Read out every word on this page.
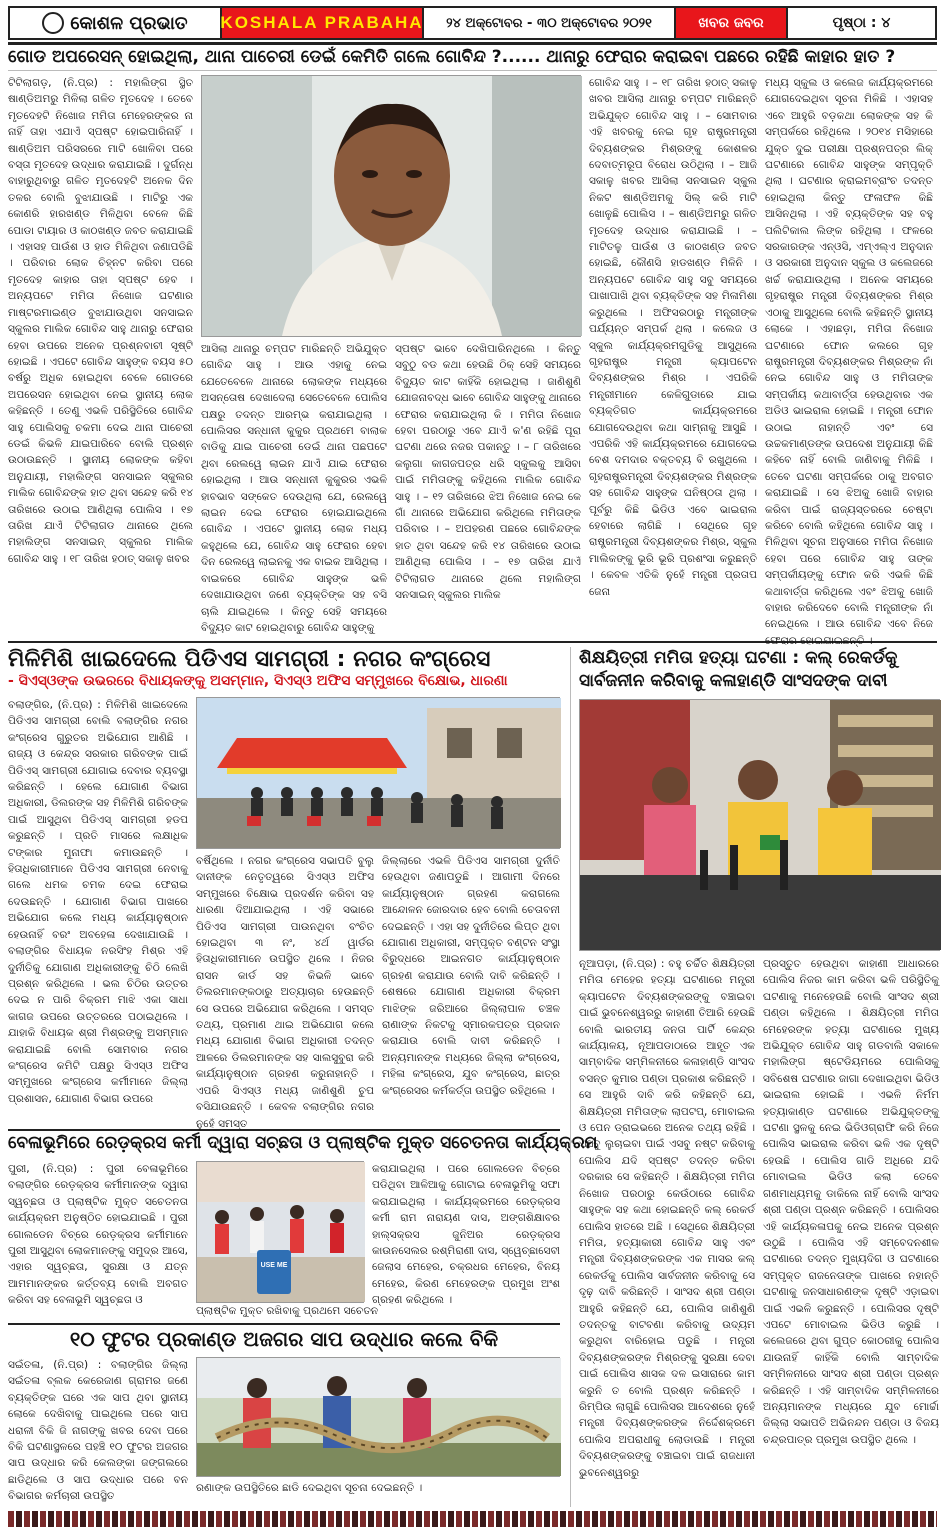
କୋଶଳ ପ୍ରଭାତ KOSHALA PRABAHA	୨୪ ଅକ୍ଟୋବର - ୩୦ ଅକ୍ଟୋବର ୨୦୨୧	ଖବର ଜବର	ପୃଷ୍ଠା : ୪
ଗୋଡ ଅପରେସନ୍ ହୋଇଥିଲା, ଥାନା ପାଚେରୀ ଡେଇଁ କେମିତି ଗଲେ ଗୋବିନ୍ଦ ?...... ଥାନାରୁ ଫେରାର କରାଇବା ପଛରେ ରହିଛି କାହାର ହାତ ?
ଟିଟିଲାଗଡ଼, (ନି.ପ୍ର) : ମହାଲିଙ୍ଗ ସ୍ଥିତ ଷାଣ୍ଡିଅମରୁ ମିଳିଲା ଗଳିତ ମୃତଦେହ । ତେବେ ମୃତଦେହଟି ନିଖୋଜ ମମିତା ମେହେରଙ୍କର ନା ନାହିଁ ତାହା ଏଯାଏଁ ସ୍ପଷ୍ଟ ହୋଇପାରିନାହିଁ । ଷାଣ୍ଡିଅମ ପରିସରରେ ମାଟି ଖୋଳିବା ପରେ ବସ୍ତା ମୃତଦେହ ଉଦ୍ଧାର କରାଯାଇଛି । ଦୁର୍ଗନ୍ଧ ବାହାରୁଥିବାରୁ ଗଳିତ ମୃତଦେହଟି ଅନେକ ଦିନ ତଳର ବୋଲି ବୁଝାଯାଉଛି । ମାଟିରୁ ଏକ କୋଣରି ହାରଖଣ୍ଡ ମିଳିଥିବା ବେଳେ କିଛି ପୋଡା ଟାୟାର ଓ କାଠଖଣ୍ଡ ଜବତ କରାଯାଇଛି । ଏହାସହ ପାଉଁଶ ଓ ହାଡ ମିଳିଥିବା ଜଣାପଡିଛି । ପରିବାର ଲୋକ ଚିହ୍ନଟ କରିବା ପରେ ମୃତଦେହ କାହାର ତାହା ସ୍ପଷ୍ଟ ହେବ । ଅନ୍ୟପଟେ ମମିତା ନିଖୋଜ ଘଟଣାର ମାଷ୍ଟରମାଇଣ୍ଡ ବୁଝାଯାଉଥିବା ସନସାଇନ ସ୍କୁଲର ମାଲିକ ଗୋବିନ୍ଦ ସାହୁ ଥାନାରୁ ଫେରାର ହେବା ଉପରେ ଅନେକ ପ୍ରଶ୍ନବାଚୀ ସୃଷ୍ଟି ହୋଇଛି । ଏପଟେ ଗୋବିନ୍ଦ ସାହୁଙ୍କ ବୟସ ୫୦ ବର୍ଷରୁ ଅଧିକ ହୋଇଥିବା ବେଳେ ଗୋଡରେ ଅପରେସନ ହୋଇଥିବା ନେଇ ସ୍ଥାନୀୟ ଲୋକ କହିଛନ୍ତି । ତେଣୁ ଏଭଳି ପରିସ୍ଥିତିରେ ଗୋବିନ୍ଦ ସାହୁ ପୋଲିସକୁ ଚକମା ଦେଇ ଥାନା ପାଚେରୀ ଡେଇଁ କିଭଳି ଯାଇପାରିବେ ବୋଲି ପ୍ରଶ୍ନ ଉଠାଉଛନ୍ତି । ସ୍ଥାନୀୟ ଲୋକଙ୍କ କହିବା ଅନୁଯାୟୀ, ମହାଲିଙ୍ଗ ସନସାଇନ ସ୍କୁଲର ମାଲିକ ଗୋବିନ୍ଦଙ୍କ ହାତ ଥିବା ସନ୍ଦେହ କରି ୧୪ ତାରିଖରେ ଉଠାଇ ଆଣିଥିଲା ପୋଲିସ । ୧୭ ତାରିଖ ଯାଏଁ ଟିଟିଲାଗଡ ଥାନାରେ ଥିଲେ ମହାଲିଙ୍ଗ ସନସାଇନ୍ ସ୍କୁଲର ମାଲିକ ଗୋବିନ୍ଦ ସାହୁ । ୧୮ ତାରିଖ ହଠାତ୍ ସକାଳୁ ଖବର
ଆସିଲା ଥାନାରୁ ଚମ୍ପଟ ମାରିଛନ୍ତି ଅଭିଯୁକ୍ତ ଗୋବିନ୍ଦ ସାହୁ । ଆଉ ଏହାକୁ ନେଇ ଯେତେବେଳେ ଥାନାରେ ଲୋକଙ୍କ ମଧ୍ୟରେ ଅସନ୍ତୋଷ ଦେଖାଦେଲା ସେତେବେଳେ ପୋଲିସ ପକ୍ଷରୁ ତଦନ୍ତ ଆରମ୍ଭ କରାଯାଇଥିଲା । ପୋଲିସର ସନ୍ଧାନୀ କୁକୁର ପ୍ରଥମେ ବାଲାକ ବାଡିକୁ ଯାଇ ପାଚେରୀ ଡେଇଁ ଥାନା ପଛପଟେ ଥିବା ରେଲୱେ ଲାଇନ ଯାଏଁ ଯାଇ ଫେରାର ହୋଇଥିଲା । ଆଉ ସନ୍ଧାନୀ କୁକୁରର ଏଭଳି ହାବଭାବ ସଙ୍କେତ ଦେଉଥିଲା ଯେ, ରେଲୱେ ଲାଇନ ଦେଇ ଫେରାର ହୋଇଯାଇଥିଲେ ଗୋବିନ୍ଦ । ଏପଟେ ସ୍ଥାନୀୟ ଲୋକ ମଧ୍ୟ କହୁଥିଲେ ଯେ, ଗୋବିନ୍ଦ ସାହୁ ଫେରାର ହେବା ଦିନ ରେଲୱେ ଲାଇନକୁ ଏକ ବାଇକ ଆସିଥିଲା । ବାଇକରେ ଗୋବିନ୍ଦ ସାହୁଙ୍କ ଭଳି ଦେଖାଯାଉଥିବା ଜଣେ ବ୍ୟକ୍ତିଙ୍କ ସହ ବସି ଚାଲି ଯାଇଥିଲେ । କିନ୍ତୁ ସେହି ସମୟରେ ବିଦ୍ୟୁତ କାଟ ହୋଇଥିବାରୁ ଗୋବିନ୍ଦ ସାହୁଙ୍କୁ
ସ୍ପଷ୍ଟ ଭାବେ ଦେଖିପାରିନଥିଲେ । କିନ୍ତୁ ସବୁଠୁ ବଡ କଥା ହେଉଛି ଠିକ୍ ସେହି ସମୟରେ ବିଦ୍ୟୁତ କାଟ କାହିଁକି ହୋଇଥିଲା । ଜାଣିଶୁଣି ଯୋଜନାବଦ୍ଧ ଭାବେ ଗୋବିନ୍ଦ ସାହୁଙ୍କୁ ଥାନାରେ ଫେରାର କରାଯାଇଥିଲା କି । ମମିତା ନିଖୋଜ ହେବା ପରଠାରୁ ଏବେ ଯାଏଁ କ'ଣ ରହିଛି ପୂରା ଘଟଣା ଥରେ ନଜର ପକାନ୍ତୁ । – ୮ ତାରିଖରେ କଲୁଗା କାଗଜପତ୍ର ଧରି ସ୍କୁଲକୁ ଆସିବା ପାଇଁ ମମିତାଙ୍କୁ କହିଥିଲେ ମାଲିକ ଗୋବିନ୍ଦ ସାହୁ । – ୧୨ ତାରିଖରେ ଝିଅ ନିଖୋଜ ନେଇ କେ ଗାଁ ଥାନାରେ ଅଭିଯୋଗ କରିଥିଲେ ମମିତାଙ୍କ ପରିବାର । – ଅପହରଣ ପଛରେ ଗୋବିନ୍ଦଙ୍କ ହାତ ଥିବା ସନ୍ଦେହ କରି ୧୪ ତାରିଖରେ ଉଠାଇ ଆଣିଥିଲା ପୋଲିସ । – ୧୭ ତାରିଖ ଯାଏଁ ଟିଟିଲାଗଡ ଥାନାରେ ଥିଲେ ମହାଲିଙ୍ଗ ସନସାଇନ୍ ସ୍କୁଲର ମାଲିକ
ଗୋବିନ୍ଦ ସାହୁ । – ୧୮ ତାରିଖ ହଠାତ୍ ସକାଳୁ ଖବର ଆସିଲା ଥାନାରୁ ଚମ୍ପଟ ମାରିଛନ୍ତି ଅଭିଯୁକ୍ତ ଗୋବିନ୍ଦ ସାହୁ । – ସୋମବାର ଏହି ଖବରକୁ ନେଇ ଗୃହ ରାଷ୍ଟ୍ରମନ୍ତ୍ରୀ ଦିବ୍ୟଶଙ୍କର ମିଶ୍ରଙ୍କୁ କୋଶଳର ଦେବାତ୍ମରୂପ ବିରୋଧ ଉଠିଥିଲା । – ଆଜି ସକାଳୁ ଖବର ଆସିଲା ସନସାଇନ ସ୍କୁଲ ନିକଟ ଷାଣ୍ଡିଅମକୁ ସିଲ୍ କରି ମାଟି ଖୋଳୁଛି ପୋଲିସ । – ଷାଣ୍ଡିଅମରୁ ଗଳିତ ମୃତଦେହ ଉଦ୍ଧାର କରାଯାଇଛି । – ମାଟିତଳୁ ପାଉଁଶ ଓ କାଠଖଣ୍ଡ ଜବତ ହୋଇଛି, କୌଣସି ହାଡଖଣ୍ଡ ମିଳିନି । ଅନ୍ୟପଟେ ଗୋବିନ୍ଦ ସାହୁ ସବୁ ସମୟରେ ପାଖାପାଖି ଥିବା ବ୍ୟକ୍ତିଙ୍କ ସହ ମିଳାମିଶା କରୁଥିଲେ । ଅଫିସରଠାରୁ ମନ୍ତ୍ରୀଙ୍କ ପର୍ଯ୍ୟନ୍ତ ସମ୍ପର୍କ ଥିଲା । କଲେଜ ଓ ସ୍କୁଲ କାର୍ଯ୍ୟକ୍ରମଗୁଡିକୁ ଆସୁଥିଲେ ଗୃହରାଷ୍ଟ୍ର ମନ୍ତ୍ରୀ କ୍ୟାପଟେନ ଦିବ୍ୟଶଙ୍କର ମିଶ୍ର । ଏପରିକି ମନ୍ତ୍ରୀମାନେ କେଳିଗୁଡାରେ ଯାଇ ବ୍ୟକ୍ତିଗତ କାର୍ଯ୍ୟକ୍ରମରେ ଯୋଗଦେଉଥିବା କଥା ସାମ୍ନାକୁ ଆସୁଛି । ଏପରିକି ଏହି କାର୍ଯ୍ୟକ୍ରମରେ ଯୋଗଦେଇ ବେଶ ଦମଦାର ବକ୍ତବ୍ୟ ବି ରଖୁଥିଲେ । ଗୃହରାଷ୍ଟ୍ରମନ୍ତ୍ରୀ ଦିବ୍ୟଶଙ୍କର ମିଶ୍ରଙ୍କ ସହ ଗୋବିନ୍ଦ ସାହୁଙ୍କ ଘନିଷ୍ଠତା ଥିଲା । ପୂର୍ବରୁ କିଛି ଭିଡିଓ ଏବେ ଭାଇରାଲ ହେବାରେ ଲାଗିଛି । ସେଥିରେ ଗୃହ ରାଷ୍ଟ୍ରମନ୍ତ୍ରୀ ଦିବ୍ୟଶଙ୍କର ମିଶ୍ର, ସ୍କୁଲ ମାଲିକଙ୍କୁ ଭୂରି ଭୂରି ପ୍ରଶଂସା କରୁଛନ୍ତି । କେବଳ ଏତିକି ନୁହେଁ ମନ୍ତ୍ରୀ ପ୍ରତାପ ଜେନା
ମଧ୍ୟ ସ୍କୁଲ ଓ କଲେଜ କାର୍ଯ୍ୟକ୍ରମରେ ଯୋଗଦେଇଥିବା ସୂଚନା ମିଳିଛି । ଏହାସହ ଏବେ ଆହୁରି ବଡ଼କଥା ଲୋକଙ୍କ ସହ କି ସମ୍ପର୍କରେ ରହିଥିଲେ । ୨୦୧୪ ମସିହାରେ ଯୁକ୍ତ ଦୁଇ ପରୀକ୍ଷା ପ୍ରଶ୍ନପତ୍ର ଲିକ୍ ଘଟଣାରେ ଗୋବିନ୍ଦ ସାହୁଙ୍କ ସମ୍ପୃକ୍ତି ଥିଲା । ଘଟଣାର କ୍ରାଇମବ୍ରାଂଚ ତଦନ୍ତ ହୋଇଥିଲା କିନ୍ତୁ ଫଳାଫଳ କିଛି ଆସିନଥିଲା । ଏହି ବ୍ୟକ୍ତିଙ୍କ ସହ ବହୁ ପଲିଟିକାଲ ଲିଙ୍କ ରହିଥିଲା । ଫଳରେ ସରକାରଙ୍କ ଏନ୍‌ଓସି, ଏମ୍‌ଏଲ୍‌ଏ ଅନୁଦାନ ଓ ସରକାରୀ ଅନୁଦାନ ସ୍କୁଲ ଓ କଲେଜରେ ଖର୍ଚ୍ଚ କରାଯାଉଥିଲା । ଅନେକ ସମୟରେ ଗୃହରାଷ୍ଟ୍ର ମନ୍ତ୍ରୀ ଦିବ୍ୟଶଙ୍କର ମିଶ୍ର ଏଠାକୁ ଆସୁଥିଲେ ବୋଲି କହିଛନ୍ତି ସ୍ଥାନୀୟ ଲୋକେ । ଏହାଛଡ଼ା, ମମିତା ନିଖୋଜ ଘଟଣାରେ ଫୋନ କଲରେ ଗୃହ ରାଷ୍ଟ୍ରମନ୍ତ୍ରୀ ଦିବ୍ୟଶଙ୍କର ମିଶ୍ରଙ୍କ ନାଁ ନେଇ ଗୋବିନ୍ଦ ସାହୁ ଓ ମମିତାଙ୍କ ସମ୍ପର୍କୀୟ କଥାବାର୍ତ୍ତା ହେଉଥିବାର ଏକ ଅଡିଓ ଭାଇରାଲ ହୋଇଛି । ମନ୍ତ୍ରୀ ଫୋନ ଉଠାଇ ନାହାନ୍ତି ଏବଂ ସେ ଉଚ୍ଚକମାଣ୍ଡଙ୍କ ଉପଦେଶ ଅନୁଯାୟୀ କିଛି କହିବେ ନାହିଁ ବୋଲି ଜାଣିବାକୁ ମିଳିଛି । ତେବେ ଘଟଣା ସମ୍ପର୍କରେ ଠାକୁ ଅବଗତ କରାଯାଇଛି । ସେ ଝିଅକୁ ଖୋଜି ବାହାର କରିବା ପାଇଁ ରାଜ୍ୟସ୍ତରରେ ଚେଷ୍ଟା କରିବେ ବୋଲି କହିଥିଲେ ଗୋବିନ୍ଦ ସାହୁ । ମିଳିଥିବା ସୂଚନା ଅନୁସାରେ ମମିତା ନିଖୋଜ ହେବା ପରେ ଗୋବିନ୍ଦ ସାହୁ ତାଙ୍କ ସମ୍ପର୍କୀୟଙ୍କୁ ଫୋନ କରି ଏଭଳି କିଛି କଥାବାର୍ତ୍ତା କରିଥିଲେ ଏବଂ ଝିଅକୁ ଖୋଜି ବାହାର କରିଦେବେ ବୋଲି ମନ୍ତ୍ରୀଙ୍କ ନାଁ ନେଇଥିଲେ । ଆଉ ଗୋବିନ୍ଦ ଏବେ ନିଜେ ଫେରାର ହୋଇଯାଇଛନ୍ତି ।
ମିଳିମିଶି ଖାଇଦେଲେ ପିଡିଏସ ସାମଗ୍ରୀ : ନଗର କଂଗ୍ରେସ
- ସିଏସ୍‌ଓଙ୍କ ଉଭରରେ ବିଧାୟକଙ୍କୁ ଅସମ୍ମାନ, ସିଏସ୍‌ଓ ଅଫିସ ସମ୍ମୁଖରେ ବିକ୍ଷୋଭ, ଧାରଣା
ବଲାଙ୍ଗିର, (ନି.ପ୍ର) : ମିଳିମିଶି ଖାଇଦେଲେ ପିଡିଏସ ସାମଗ୍ରୀ ବୋଲି ବଲାଙ୍ଗିର ନଗର କଂଗ୍ରେସ ଗୁରୁତର ଅଭିଯୋଗ ଆଣିଛି । ରାଜ୍ୟ ଓ କେନ୍ଦ୍ର ସରକାର ଗରିବଙ୍କ ପାଇଁ ପିଡିଏସ୍ ସାମଗ୍ରୀ ଯୋଗାଇ ଦେବାର ବ୍ୟବସ୍ଥା କରିଛନ୍ତି । ହେଲେ ଯୋଗାଣ ବିଭାଗ ଅଧିକାରୀ, ଡିଲରଙ୍କ ସହ ମିଳିମିଶି ଗରିବଙ୍କ ପାଇଁ ଆସୁଥିବା ପିଡିଏସ୍ ସାମଗ୍ରୀ ହଡପ କରୁଛନ୍ତି । ପ୍ରତି ମାସରେ ଲକ୍ଷାଧିକ ଟଙ୍କାର ମୁନାଫା କମାଉଛନ୍ତି । ହିତାଧିକାରୀମାନେ ପିଡିଏସ ସାମଗ୍ରୀ ନେବାକୁ ଗଲେ ଧମକ ଚମକ ଦେଇ ଫେରାଇ ଦେଉଛନ୍ତି । ଯୋଗାଣ ବିଭାଗ ପାଖରେ ଅଭିଯୋଗ କଲେ ମଧ୍ୟ କାର୍ଯ୍ୟାନୁଷ୍ଠାନ ହେଉନାହିଁ ବରଂ ଅବହେଳା ଦେଖାଯାଉଛି । ବଲାଙ୍ଗିର ବିଧାୟକ ନରସିଂହ ମିଶ୍ର ଏହି ଦୁର୍ନୀତିକୁ ଯୋଗାଣ ଅଧିକାରୀଙ୍କୁ ଚିଠି ଲେଖି ପ୍ରଶ୍ନ କରିଥିଲେ । ଭଲ ଚିଠିର ଉତ୍ତର ଦେଇ ନ ପାରି ବିକ୍ରମ ମାଝି ଏକା ସାଧା କାଗଜ ଉପରେ ଉତ୍ତରରେ ପଠାଇଥିଲେ । ଯାହାକି ବିଧାୟକ ଶ୍ରୀ ମିଶ୍ରଙ୍କୁ ଅସମ୍ମାନ କରାଯାଇଛି ବୋଲି ସୋମବାର ନଗର କଂଗ୍ରେସ କମିଟି ପକ୍ଷରୁ ସିଏସ୍‌ଓ ଅଫିସ ସମ୍ମୁଖରେ କଂଗ୍ରେସ କର୍ମୀମାନେ ଜିଲ୍ଲା ପ୍ରଶାସନ, ଯୋଗାଣ ବିଭାଗ ଉପରେ
ବର୍ଷିଥିଲେ । ନଗର କଂଗ୍ରେସ ସଭାପତି ବୁଲୁ ଦାନୀଙ୍କ ନେତୃତ୍ୱରେ ସିଏସ୍‌ଓ ଅଫିସ ସମ୍ମୁଖରେ ବିକ୍ଷୋଭ ପ୍ରଦର୍ଶନ କରିବା ସହ ଧାରଣା ଦିଆଯାଇଥିଲା । ଏହି ସଭାରେ ପିଡିଏସ ସାମଗ୍ରୀ ପାଉନଥିବା ବଂଚିତ ହୋଇଥିବା ୩ ନଂ, ୪ର୍ଥ ୱାର୍ଡର ହିତାଧିକାରୀମାନେ ଉପସ୍ଥିତ ଥିଲେ । ନିଜର ରାସନ କାର୍ଡ ସହ କିଭଳି ଭାବେ ତିଲରମାନଙ୍କଠାରୁ ଅତ୍ୟାଚାର ହେଉଛନ୍ତି ସେ ଉପରେ ଅଭିଯୋଗ କରିଥିଲେ । ସମସ୍ତ ତଥ୍ୟ, ପ୍ରମାଣ ଥାଇ ଅଭିଯୋଗ କଲେ ମଧ୍ୟ ଯୋଗାଣ ବିଭାଗ ଅଧିକାରୀ ତଦନ୍ତ ଆଳରେ ଡିଲରମାନଙ୍କ ସହ ସାଲସୁବୁରା କରି କାର୍ଯ୍ୟାନୁଷ୍ଠାନ ଗ୍ରହଣ କରୁନାହାନ୍ତି । ଏପରି ସିଏସ୍‌ଓ ମଧ୍ୟ ଜାଣିଶୁଣି ଚୁପ ବସିଯାଉଛନ୍ତି । କେବଳ ବଲାଙ୍ଗିର ନଗର ନୁହେଁ ସମସ୍ତ
ଜିଲ୍ଲାରେ ଏଭଳି ପିଡିଏସ ସାମଗ୍ରୀ ଦୁର୍ନୀତି ହେଉଥିବା ଜଣାପଡୁଛି । ଆଗାମୀ ଦିନରେ କାର୍ଯ୍ୟାନୁଷ୍ଠାନ ଗ୍ରହଣ କରାଗଲେ ଆନ୍ଦୋଳନ ଜୋରଦାର ହେବ ବୋଲି ଚେତାବନୀ ଦେଇଛନ୍ତି । ଏହା ସହ ଦୁର୍ନୀତିରେ ଲିପ୍ତ ଥିବା ଯୋଗାଣ ଅଧିକାରୀ, ସମ୍ପୃକ୍ତ ବଣ୍ଟନ ସଂସ୍ଥା ବିରୁଦ୍ଧରେ ଆଇନଗତ କାର୍ଯ୍ୟାନୁଷ୍ଠାନ ଗ୍ରହଣ କରାଯାଉ ବୋଲି ଦାବି କରିଛନ୍ତି । ଶେଷରେ ଯୋଗାଣ ଅଧିକାରୀ ବିକ୍ରମ ମାଝିଙ୍କ ଜରିଆରେ ଜିଲ୍ଲାପାଳ ଚଞ୍ଚଳ ରାଣାଙ୍କ ନିକଟକୁ ସ୍ମାରକପତ୍ର ପ୍ରଦାନ କରାଯାଉ ବୋଲି ଦାବୀ କରିଛନ୍ତି । ଅନ୍ୟମାନଙ୍କ ମଧ୍ୟରେ ଜିଲ୍ଲା କଂଗ୍ରେସ, ମହିଳା କଂଗ୍ରେସ, ଯୁବ କଂଗ୍ରେସ, ଛାତ୍ର କଂଗ୍ରେସର କର୍ମକର୍ତ୍ତା ଉପସ୍ଥିତ ରହିଥିଲେ ।
ବେଳାଭୂମିରେ ରେଡ଼କ୍ରସ କର୍ମୀ ଦ୍ୱାରା ସଚ୍ଛତା ଓ ପ୍ଲାଷ୍ଟିକ ମୁକ୍ତ ସଚେତନତା କାର୍ଯ୍ୟକ୍ରମ
ପୁରୀ, (ନି.ପ୍ର) : ପୁରୀ ବେଳାଭୂମିରେ ବଲାଙ୍ଗିର ରେଡ଼କ୍ରସ କର୍ମୀମାନଙ୍କ ଦ୍ୱାରା ସ୍ୱଚ୍ଛତା ଓ ପ୍ଲାଷ୍ଟିକ ମୁକ୍ତ ସଚେତନତା କାର୍ଯ୍ୟକ୍ରମ ଅନୁଷ୍ଠିତ ହୋଇଯାଇଛି । ପୁରୀ ଗୋଲଡେନ ବିଚ୍‌ରେ ରେଡ଼କ୍ରସ କର୍ମୀମାନେ ପୁରୀ ଆସୁଥିବା ଲୋକମାନଙ୍କୁ ସମୁଦ୍ର ଆସେ, ଏହାର ସ୍ୱଚ୍ଛତା, ସୁରକ୍ଷା ଓ ଯତ୍ନ ଆମମାନଙ୍କର କର୍ତ୍ତବ୍ୟ ବୋଲି ଅବଗତ କରିବା ସହ ବେଳାଭୂମି ସ୍ୱଚ୍ଛତା ଓ
USE ME
ପ୍ଲାଷ୍ଟିକ ମୁକ୍ତ ରଖିବାକୁ ପ୍ରଥମେ ସଚେତନ
କରାଯାଇଥିଲା । ପରେ ଗୋଲଡେନ ବିଚ୍‌ରେ ପଡିଥିବା ଆଳିଆକୁ ଗୋଟାଇ ବେଳାଭୂମିକୁ ସଫା କରାଯାଇଥିଲା । କାର୍ଯ୍ୟକ୍ରମରେ ରେଡ଼କ୍ରସ କର୍ମୀ ରାମ ନାରାୟଣ ଦାସ, ଅଙ୍ଗଶିକ୍ଷାବର ହାଲ୍‌ସକ୍ରସ ଜୁନିଅର ରେଡ଼କ୍ରସ କାଉନସେଲର ରଶ୍ମିରାଣୀ ଦାସ, ସ୍ୱେଚ୍ଛାସେବୀ ଜେଲାସ ମେହେର, ଚକ୍ରଧର ମେହେର, ବିନୟ ମେହେର, କିରଣ ମେହେରଙ୍କ ପ୍ରମୁଖ ଅଂଶ ଗ୍ରହଣ କରିଥିଲେ ।
୧୦ ଫୁଟର ପ୍ରକାଣ୍ଡ ଅଜଗର ସାପ ଉଦ୍ଧାର କଲେ ବିକି
ସଇଁତଳା, (ନି.ପ୍ର) : ବଲାଙ୍ଗିର ଜିଲ୍ଲା ସଇଁତଳା ବ୍ଲକ କେରେଜାଣ ଗ୍ରାମର ଜଣେ ବ୍ୟକ୍ତିଙ୍କ ଘରେ ଏକ ସାପ ଥିବା ସ୍ଥାନୀୟ ଲୋକେ ଦେଖିବାକୁ ପାଇଥିଲେ ପରେ ସାପ ଧରାଳୀ ବିକି ଜି ନାଗଙ୍କୁ ଖବର ଦେବା ପରେ ବିକି ଘଟଣାସ୍ଥଳରେ ପହଞ୍ଚି ୧୦ ଫୁଟର ଅଜଗର ସାପ ଉଦ୍ଧାର କରି କେଲଙ୍କା ଜଙ୍ଗଲରେ ଛାଡିଥିଲେ ଓ ସାପ ଉଦ୍ଧାର ପରେ ବନ ବିଭାଗର କର୍ମଚାରୀ ଉପସ୍ଥିତ
ରଣାଙ୍କ ଉପସ୍ଥିତିରେ ଛାଡି ଦେଇଥିବା ସୂଚନା ଦେଇଛନ୍ତି ।
ଶିକ୍ଷୟିତ୍ରୀ ମମିତା ହତ୍ୟା ଘଟଣା : କଲ୍ ରେକର୍ଡକୁ ସାର୍ବଜନୀନ କରିବାକୁ କଳାହାଣ୍ଡି ସାଂସଦଙ୍କ ଦାବୀ
ନୂଆପଡ଼ା, (ନି.ପ୍ର) : ବହୁ ଚର୍ଚ୍ଚିତ ଶିକ୍ଷୟିତ୍ରୀ ମମିତା ମେହେର ହତ୍ୟା ଘଟଣାରେ ମନ୍ତ୍ରୀ କ୍ୟାପଟେନ ଦିବ୍ୟଶଙ୍କରଙ୍କୁ ବଞ୍ଚାଇବା ପାଇଁ ଭୁବନେଶ୍ୱରରୁ କାହାଣୀ ତିଆରି ହେଉଛି ବୋଲି ଭାରତୀୟ ଜନତା ପାର୍ଟି କେନ୍ଦ୍ର କାର୍ଯ୍ୟାଳୟ, ନୂଆପଡାଠାରେ ଆହୂତ ଏକ ସାମ୍ବାଦିକ ସମ୍ମିଳନୀରେ କଳାହାଣ୍ଡି ସାଂସଦ ବସନ୍ତ କୁମାର ପଣ୍ଡା ପ୍ରକାଶ କରିଛନ୍ତି । ସେ ଆହୁରି ଦାବି କରି କହିଛନ୍ତି ଯେ, ଶିକ୍ଷୟିତ୍ରୀ ମମିତାଙ୍କ ଲାପଟପ୍, ମୋବାଇଲ ଓ ପେନ ଡ୍ରାଇଭରେ ଅନେକ ତଥ୍ୟ ରହିଛି । ଏସବୁ ଲୁଚାଇବା ପାଇଁ ଏସବୁ ନଷ୍ଟ କରିବାକୁ ପୋଲିସ ଯଦି ସ୍ପଷ୍ଟ ତଦନ୍ତ କରିବା ଦରକାର ସେ କହିଛନ୍ତି । ଶିକ୍ଷୟିତ୍ରୀ ମମିତା ନିଖୋଜ ପରଠାରୁ କେଉଁଠାରେ ଗୋବିନ୍ଦ ସାହୁଙ୍କ ସହ କଥା ହୋଇଛନ୍ତି କଲ୍ ରେକର୍ଡ ପୋଲିସ ହାତରେ ଅଛି । ସେଥିରେ ଶିକ୍ଷୟିତ୍ରୀ ମମିତା, ହତ୍ୟାକାରୀ ଗୋବିନ୍ଦ ସାହୁ ଏବଂ ମନ୍ତ୍ରୀ ଦିବ୍ୟଶଙ୍କରଙ୍କ ଏକ ମାସର କଲ୍ ରେକର୍ଡକୁ ପୋଲିସ ସାର୍ବଜନୀନ କରିବାକୁ ସେ ଦୃଢ଼ ଦାବି କରିଛନ୍ତି । ସାଂସଦ ଶ୍ରୀ ପଣ୍ଡା ଆହୁରି କହିଛନ୍ତି ଯେ, ପୋଲିସ ଜାଣିଶୁଣି ତଦନ୍ତକୁ ବାଟବଣା କରିବାକୁ ଉଦ୍ୟମ କରୁଥିବା ବାରିହୋଇ ପଡୁଛି । ମନ୍ତ୍ରୀ ଦିବ୍ୟଶଙ୍କରଙ୍କ ମିଶ୍ରଙ୍କୁ ସୁରକ୍ଷା ଦେବା ପାଇଁ ପୋଲିସ ଶାସକ ଦଳ ଇସାରାରେ କାମ କରୁନି ତ ବୋଲି ପ୍ରଶ୍ନ କରିଛନ୍ତି । ରିମ୍ପିଉ ଲାଗୁଛି ପୋଲିସର ଆଦେଶରେ ନୁହେଁ ମନ୍ତ୍ରୀ ଦିବ୍ୟଶଙ୍କରଙ୍କ ନିର୍ଦ୍ଦେଶକ୍ରମେ ପୋଲିସ ଅପରାଧୀକୁ ଲୋଡାଉଛି । ମନ୍ତ୍ରୀ ଦିବ୍ୟଶଙ୍କରଙ୍କୁ ବଞ୍ଚାଇବା ପାଇଁ ରାଜଧାନୀ ଭୁବନେଶ୍ୱରରୁ
ପ୍ରସ୍ତୁତ ହେଉଥିବା କାହାଣୀ ଆଧାରରେ ପୋଲିସ ନିଜର କାମ କରିବା ଭଳି ପରିସ୍ଥିତିକୁ ଘଟଣାକୁ ମନେହେଉଛି ବୋଲି ସାଂସଦ ଶ୍ରୀ ପଣ୍ଡା କହିଥିଲେ । ଶିକ୍ଷୟିତ୍ରୀ ମମିତା ମେହେରଙ୍କ ହତ୍ୟା ଘଟଣାରେ ମୁଖ୍ୟ ଅଭିଯୁକ୍ତ ଗୋବିନ୍ଦ ସାହୁ ଗଡବାଲି ସକାଳେ ମହାଲିଙ୍ଗ ଷ୍ଟେଡିୟମରେ ପୋଲିସକୁ ସବିଶେଷ ଘଟଣାର ଜାଗା ଦେଖାଇଥିବା ଭିଡିଓ ଭାଇରାଲ ହୋଇଛି । ଏଭଳି ନିର୍ମମ ହତ୍ୟାକାଣ୍ଡ ଘଟଣାରେ ଅଭିଯୁକ୍ତଙ୍କୁ ଘଟଣା ସ୍ଥଳକୁ ନେଇ ଭିଡିଓଗ୍ରାଫି କରି ନିଜେ ପୋଲିସ ଭାଇରାଲ କରିବା ଭଳି ଏକ ଦୃଷ୍ଟି ହେଉଛି । ପୋଲିସ ଗାଡି ଅଧିରେ ଯଦି ମୋବାଇଲ ଭିଡିଓ କଲା ତେବେ ଗଣମାଧ୍ୟମକୁ ଡାକିଲେ ନାହିଁ ବୋଲି ସାଂସଦ ଶ୍ରୀ ପଣ୍ଡା ପ୍ରଶ୍ନ କରିଛନ୍ତି । ପୋଲିସର ଏହି କାର୍ଯ୍ୟକଳାପକୁ ନେଇ ଅନେକ ପ୍ରଶ୍ନ ଉଠୁଛି । ପୋଲିସ ଏହି ସମ୍ବେଦନଶୀଳ ଘଟଣାରେ ତଦନ୍ତ ମୁଖ୍ୟଦିଗ ଓ ଘଟଣାରେ ସମ୍ପୃକ୍ତ ରାଜନେତାଙ୍କ ପାଖରେ ନହାନ୍ତି ଘଟଣାକୁ ଜନସାଧାରଣଙ୍କ ଦୃଷ୍ଟି ଏଡ଼ାଇବା ପାଇଁ ଏଭଳି କରୁଛନ୍ତି । ପୋଲିସର ଦୃଷ୍ଟି ଏପଟେ ମୋବାଇଲ ଭିଡିଓ କରୁଛି । କଲେଜରେ ଥିବା ଗୁପ୍ତ କୋଠରୀକୁ ପୋଲିସ ଯାଉନାହିଁ କାହିଁକି ବୋଲି ସାମ୍ବାଦିକ ସମ୍ମିଳନୀରେ ସାଂସଦ ଶ୍ରୀ ପଣ୍ଡା ପ୍ରଶ୍ନ କରିଛନ୍ତି । ଏହି ସାମ୍ବାଦିକ ସମ୍ମିଳନୀରେ ଅନ୍ୟମାନଙ୍କ ମଧ୍ୟରେ ଯୁବ ମୋର୍ଚ୍ଚା ଜିଲ୍ଲା ସଭାପତି ଅଭିନନ୍ଦନ ପଣ୍ଡା ଓ ବିଜୟ ଚନ୍ଦ୍ରପାତ୍ର ପ୍ରମୁଖ ଉପସ୍ଥିତ ଥିଲେ ।
